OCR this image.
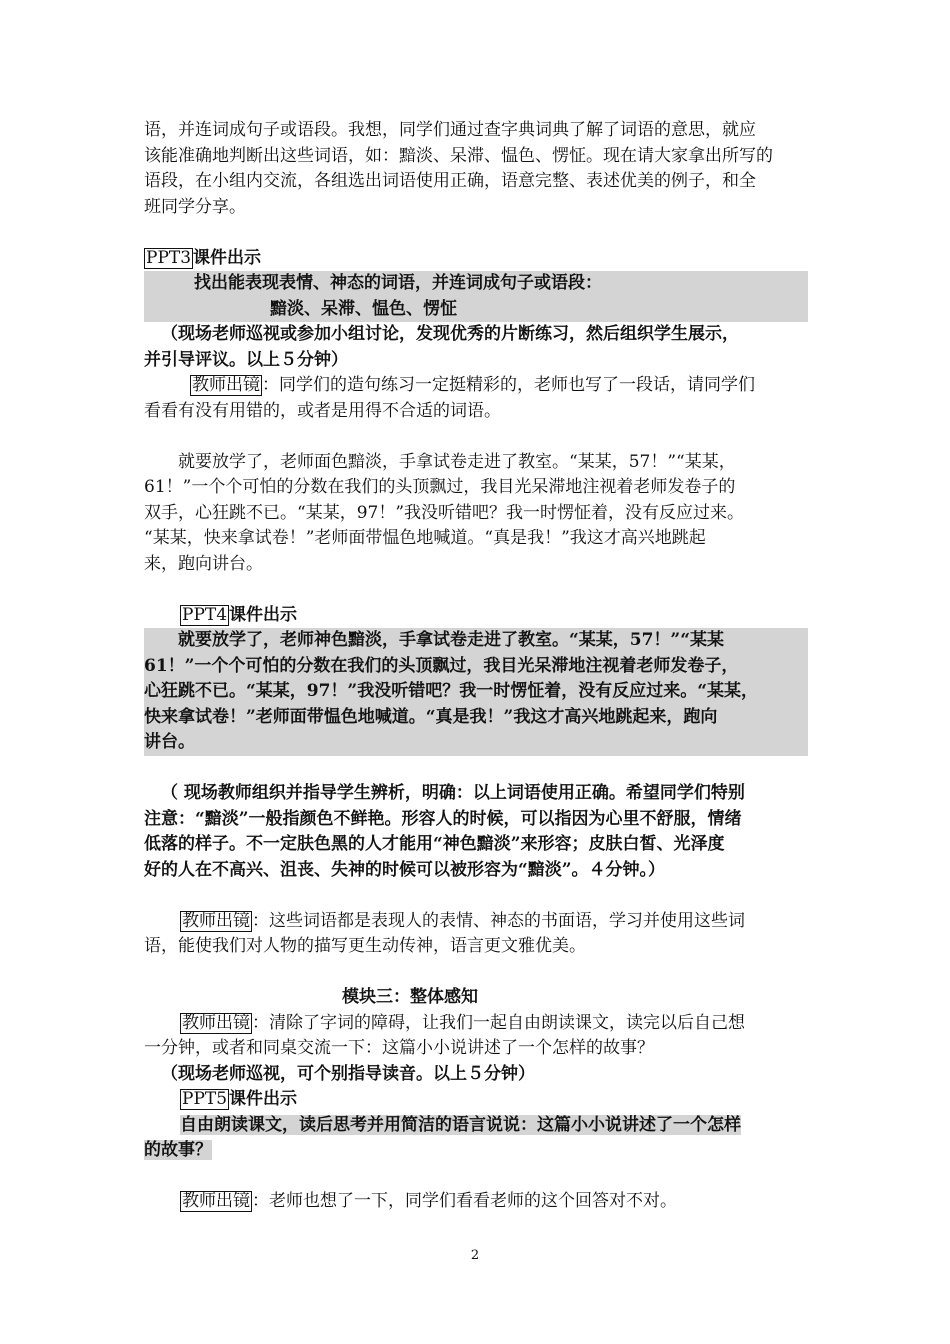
语，并连词成句子或语段。我想，同学们通过查字典词典了解了词语的意思，就应

该能准确地判断出这些词语，如：黯淡、呆滞、愠色、愣怔。现在请大家拿出所写的

语段，在小组内交流，各组选出词语使用正确，语意完整、表述优美的例子，和全

班同学分享。

PPT3 课件出示

找出能表现表情、神态的词语，并连词成句子或语段：

黯淡、呆滞、愠色、愣怔

（现场老师巡视或参加小组讨论，发现优秀的片断练习，然后组织学生展示，

并引导评议。以上５分钟）

教师出镜 ：同学们的造句练习一定挺精彩的，老师也写了一段话，请同学们

看看有没有用错的，或者是用得不合适的词语。

就要放学了，老师面色黯淡，手拿试卷走进了教室。“某某，57！”“某某，

61！”一个个可怕的分数在我们的头顶飘过，我目光呆滞地注视着老师发卷子的

双手，心狂跳不已。“某某，97！”我没听错吧？我一时愣怔着，没有反应过来。

“某某，快来拿试卷！”老师面带愠色地喊道。“真是我！”我这才高兴地跳起

来，跑向讲台。

PPT4 课件出示

就要放学了，老师神色黯淡，手拿试卷走进了教室。“某某，57！”“某某

61！”一个个可怕的分数在我们的头顶飘过，我目光呆滞地注视着老师发卷子，

心狂跳不已。“某某，97！”我没听错吧？我一时愣怔着，没有反应过来。“某某，

快来拿试卷！”老师面带愠色地喊道。“真是我！”我这才高兴地跳起来，跑向

讲台。

（ 现场教师组织并指导学生辨析，明确：以上词语使用正确。希望同学们特别

注意：“黯淡”一般指颜色不鲜艳。形容人的时候，可以指因为心里不舒服，情绪

低落的样子。不一定肤色黑的人才能用“神色黯淡”来形容；皮肤白皙、光泽度

好的人在不高兴、沮丧、失神的时候可以被形容为“黯淡”。４分钟。）

教师出镜 ：这些词语都是表现人的表情、神态的书面语，学习并使用这些词

语，能使我们对人物的描写更生动传神，语言更文雅优美。

模块三：整体感知

教师出镜 ：清除了字词的障碍，让我们一起自由朗读课文，读完以后自己想

一分钟，或者和同桌交流一下：这篇小小说讲述了一个怎样的故事？

（现场老师巡视，可个别指导读音。以上５分钟）

PPT5 课件出示

自由朗读课文，读后思考并用简洁的语言说说：这篇小小说讲述了一个怎样

的故事？

教师出镜 ：老师也想了一下，同学们看看老师的这个回答对不对。

2
